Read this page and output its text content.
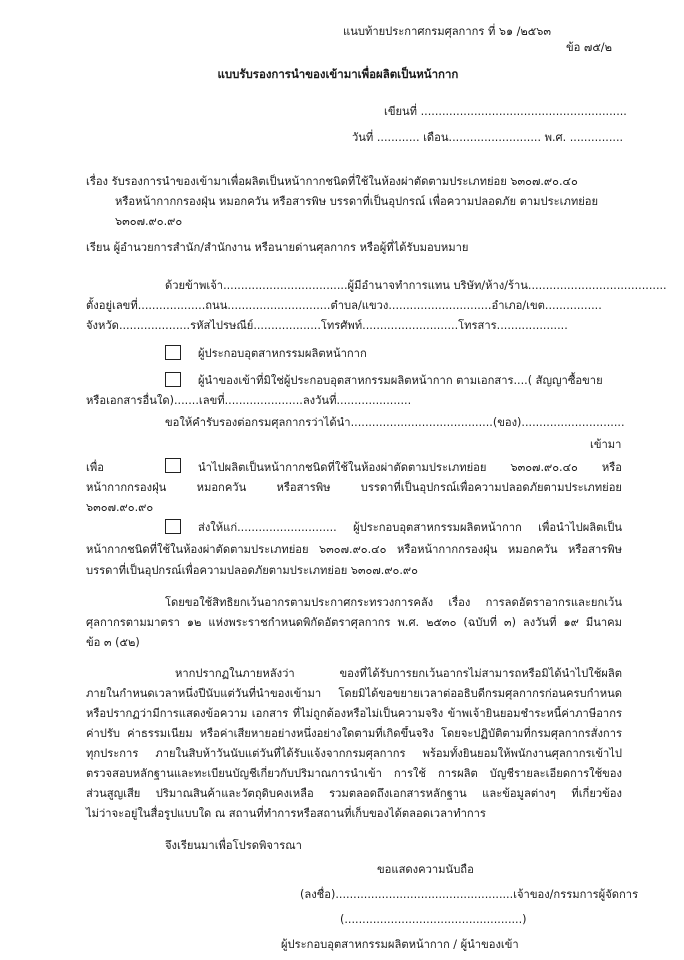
แนบท้ายประกาศกรมศุลกากร ที่ ๖๑ /๒๕๖๓
ข้อ ๗๕/๒
แบบรับรองการนำของเข้ามาเพื่อผลิตเป็นหน้ากาก
เขียนที่ ..........................................................
วันที่ ............ เดือน.......................... พ.ศ. ...............
เรื่อง รับรองการนำของเข้ามาเพื่อผลิตเป็นหน้ากากชนิดที่ใช้ในห้องผ่าตัดตามประเภทย่อย ๖๓๐๗.๙๐.๔๐
หรือหน้ากากกรองฝุ่น หมอกควัน หรือสารพิษ บรรดาที่เป็นอุปกรณ์ เพื่อความปลอดภัย ตามประเภทย่อย
๖๓๐๗.๙๐.๙๐
เรียน ผู้อำนวยการสำนัก/สำนักงาน หรือนายด่านศุลกากร หรือผู้ที่ได้รับมอบหมาย
ด้วยข้าพเจ้า...................................ผู้มีอำนาจทำการแทน บริษัท/ห้าง/ร้าน.......................................
ตั้งอยู่เลขที่...................ถนน.............................ตำบล/แขวง.............................อำเภอ/เขต................
จังหวัด....................รหัสไปรษณีย์...................โทรศัพท์...........................โทรสาร....................
ผู้ประกอบอุตสาหกรรมผลิตหน้ากาก
ผู้นำของเข้าที่มิใช่ผู้ประกอบอุตสาหกรรมผลิตหน้ากาก ตามเอกสาร....( สัญญาซื้อขาย
หรือเอกสารอื่นใด).......เลขที่......................ลงวันที่.....................
ขอให้คำรับรองต่อกรมศุลกากรว่าได้นำ........................................(ของ).............................
เข้ามา
เพื่อ	นำไปผลิตเป็นหน้ากากชนิดที่ใช้ในห้องผ่าตัดตามประเภทย่อย ๖๓๐๗.๙๐.๔๐ หรือ
หน้ากากกรองฝุ่น หมอกควัน หรือสารพิษ บรรดาที่เป็นอุปกรณ์เพื่อความปลอดภัยตามประเภทย่อย
๖๓๐๗.๙๐.๙๐
ส่งให้แก่............................ ผู้ประกอบอุตสาหกรรมผลิตหน้ากาก เพื่อนำไปผลิตเป็น
หน้ากากชนิดที่ใช้ในห้องผ่าตัดตามประเภทย่อย ๖๓๐๗.๙๐.๔๐ หรือหน้ากากกรองฝุ่น หมอกควัน หรือสารพิษ
บรรดาที่เป็นอุปกรณ์เพื่อความปลอดภัยตามประเภทย่อย ๖๓๐๗.๙๐.๙๐
โดยขอใช้สิทธิยกเว้นอากรตามประกาศกระทรวงการคลัง เรื่อง การลดอัตราอากรและยกเว้น
ศุลกากรตามมาตรา ๑๒ แห่งพระราชกำหนดพิกัดอัตราศุลกากร พ.ศ. ๒๕๓๐ (ฉบับที่ ๓) ลงวันที่ ๑๙ มีนาคม
ข้อ ๓ (๕๒)
หากปรากฏในภายหลังว่า ของที่ได้รับการยกเว้นอากรไม่สามารถหรือมิได้นำไปใช้ผลิต
ภายในกำหนดเวลาหนึ่งปีนับแต่วันที่นำของเข้ามา โดยมิได้ขอขยายเวลาต่ออธิบดีกรมศุลกากรก่อนครบกำหนด
หรือปรากฏว่ามีการแสดงข้อความ เอกสาร ที่ไม่ถูกต้องหรือไม่เป็นความจริง ข้าพเจ้ายินยอมชำระหนี้ค่าภาษีอากร
ค่าปรับ ค่าธรรมเนียม หรือค่าเสียหายอย่างหนึ่งอย่างใดตามที่เกิดขึ้นจริง โดยจะปฏิบัติตามที่กรมศุลกากรสั่งการ
ทุกประการ ภายในสิบห้าวันนับแต่วันที่ได้รับแจ้งจากกรมศุลกากร พร้อมทั้งยินยอมให้พนักงานศุลกากรเข้าไป
ตรวจสอบหลักฐานและทะเบียนบัญชีเกี่ยวกับปริมาณการนำเข้า การใช้ การผลิต บัญชีรายละเอียดการใช้ของ
ส่วนสูญเสีย ปริมาณสินค้าและวัตถุดิบคงเหลือ รวมตลอดถึงเอกสารหลักฐาน และข้อมูลต่างๆ ที่เกี่ยวข้อง
ไม่ว่าจะอยู่ในสื่อรูปแบบใด ณ สถานที่ทำการหรือสถานที่เก็บของได้ตลอดเวลาทำการ
จึงเรียนมาเพื่อโปรดพิจารณา
ขอแสดงความนับถือ
(ลงชื่อ)..................................................เจ้าของ/กรรมการผู้จัดการ
(..................................................)
ผู้ประกอบอุตสาหกรรมผลิตหน้ากาก / ผู้นำของเข้า
